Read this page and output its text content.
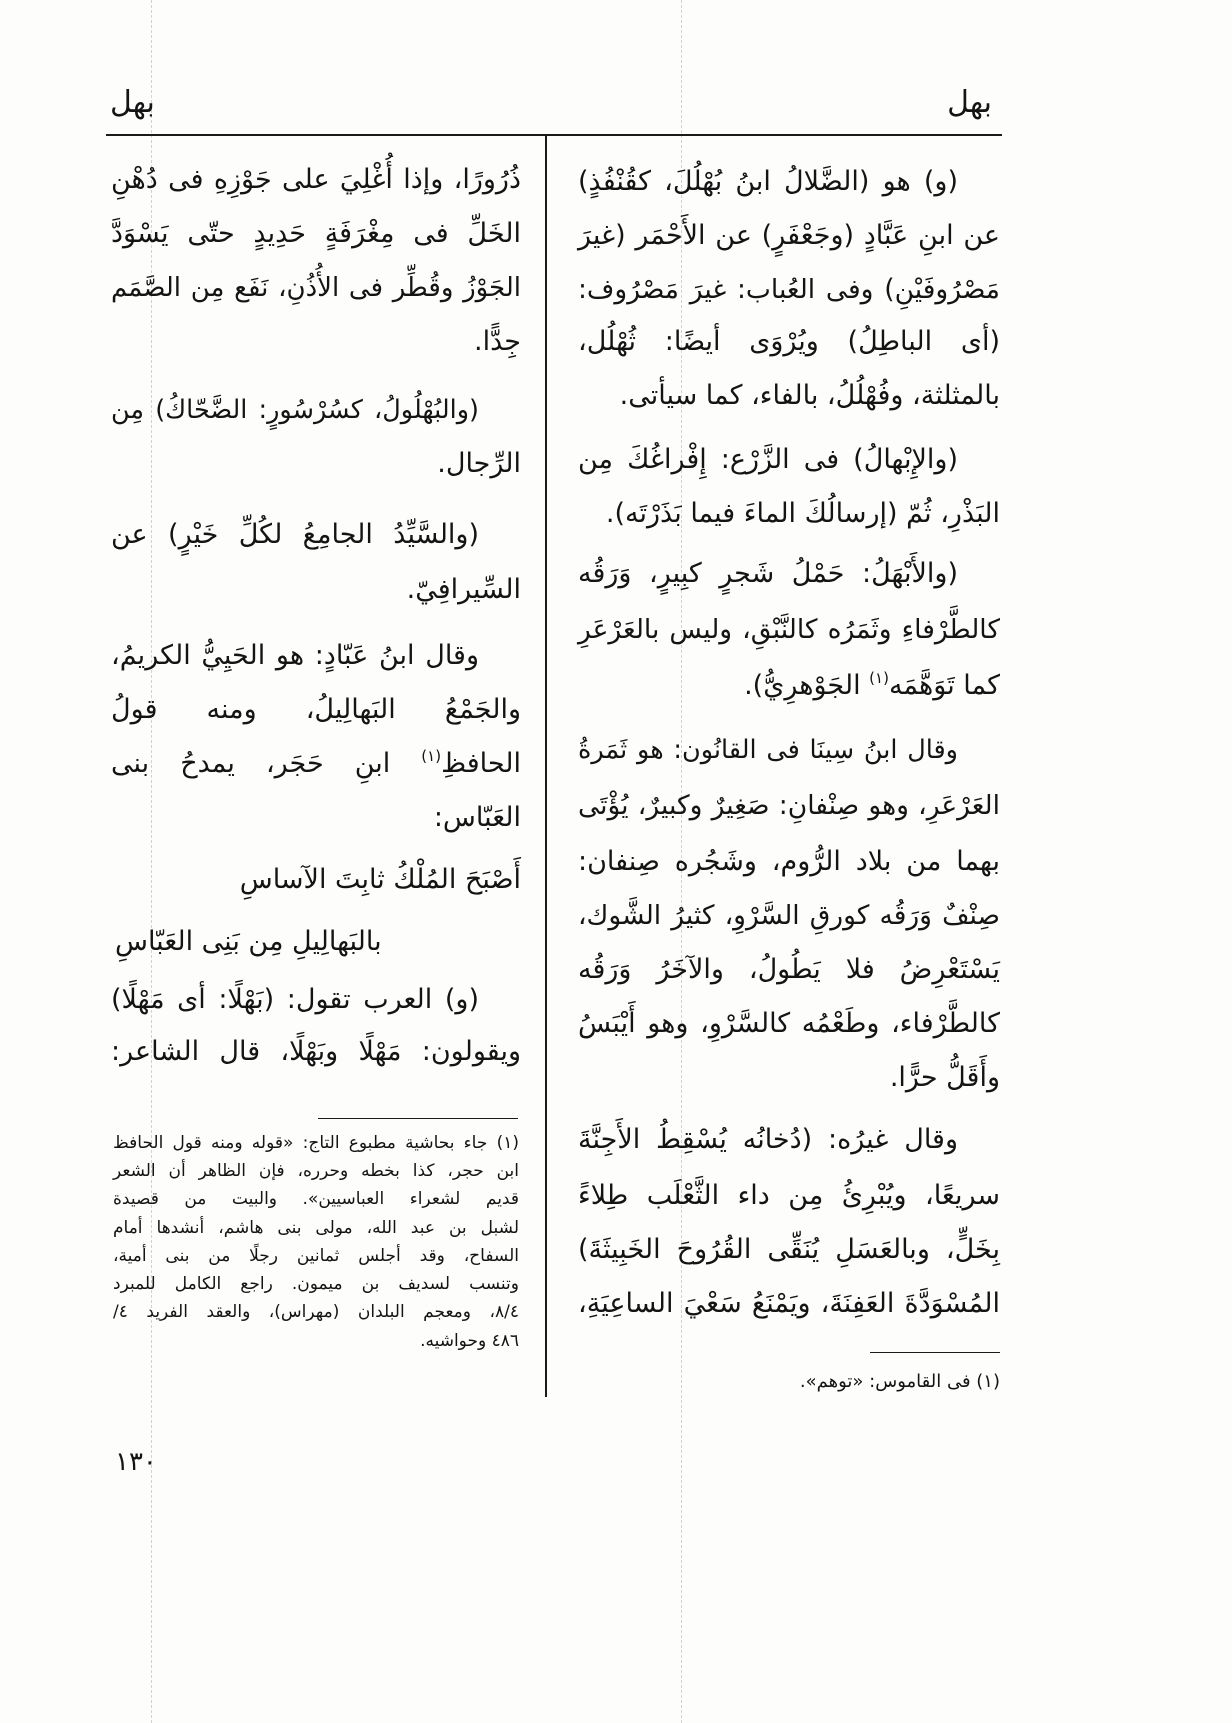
بهل
بهل
(و) هو (الضَّلالُ ابنُ بُهْلُلَ، كقُنْفُذٍ)
عن ابنِ عَبَّادٍ (وجَعْفَرٍ) عن الأَحْمَر (غيرَ
مَصْرُوفَيْنِ) وفى العُباب: غيرَ مَصْرُوف:
(أى الباطِلُ) ويُرْوَى أيضًا: ثُهْلُل،
بالمثلثة، وفُهْلُلُ، بالفاء، كما سيأتى.
(والإِبْهالُ) فى الزَّرْع: إِفْراغُكَ مِن
البَذْرِ، ثُمّ (إرسالُكَ الماءَ فيما بَذَرْتَه).
(والأَبْهَلُ: حَمْلُ شَجرٍ كبِيرٍ، وَرَقُه
كالطَّرْفاءِ وثَمَرُه كالنَّبْقِ، وليس بالعَرْعَرِ
كما تَوَهَّمَه$^{(١)}$ الجَوْهرِيُّ).
وقال ابنُ سِينَا فى القانُون: هو ثَمَرةُ
العَرْعَرِ، وهو صِنْفانِ: صَغِيرٌ وكبيرٌ، يُؤْتَى
بهما من بلاد الرُّوم، وشَجُره صِنفان:
صِنْفٌ وَرَقُه كورقِ السَّرْوِ، كثيرُ الشَّوك،
يَسْتَعْرِضُ فلا يَطُولُ، والآخَرُ وَرَقُه
كالطَّرْفاء، وطَعْمُه كالسَّرْوِ، وهو أَيْبَسُ
وأَقَلُّ حرًّا.
وقال غيرُه: (دُخانُه يُسْقِطُ الأَجِنَّةَ
سريعًا، ويُبْرِئُ مِن داء الثَّعْلَب طِلاءً
بِخَلٍّ، وبالعَسَلِ يُنَقِّى القُرُوحَ الخَبِيثَةَ)
المُسْوَدَّةَ العَفِنَةَ، ويَمْنَعُ سَعْيَ الساعِيَةِ،
(١) فى القاموس: «توهم».
ذُرُورًا، وإذا أُغْلِيَ على جَوْزِهِ فى دُهْنِ
الخَلِّ فى مِغْرَفَةٍ حَدِيدٍ حتّى يَسْوَدَّ
الجَوْزُ وقُطِّر فى الأُذُنِ، نَفَع مِن الصَّمَم
جِدًّا.
(والبُهْلُولُ، كسُرْسُورٍ: الضَّحّاكُ) مِن
الرِّجال.
(والسَّيِّدُ الجامِعُ لكُلِّ خَيْرٍ) عن
السِّيرافِيّ.
وقال ابنُ عَبّادٍ: هو الحَيِيُّ الكريمُ،
والجَمْعُ البَهالِيلُ، ومنه قولُ
الحافظِ$^{(١)}$ ابنِ حَجَر، يمدحُ بنى
العَبّاس:
أَصْبَحَ المُلْكُ ثابِتَ الآساسِ
بالبَهالِيلِ مِن بَنِى العَبّاسِ
(و) العرب تقول: (بَهْلًا: أى مَهْلًا)
ويقولون: مَهْلًا وبَهْلًا، قال الشاعر:
(١) جاء بحاشية مطبوع التاج: «قوله ومنه قول الحافظ
ابن حجر، كذا بخطه وحرره، فإن الظاهر أن الشعر
قديم لشعراء العباسيين». والبيت من قصيدة
لشبل بن عبد الله، مولى بنى هاشم، أنشدها أمام
السفاح، وقد أجلس ثمانين رجلًا من بنى أمية،
وتنسب لسديف بن ميمون. راجع الكامل للمبرد
٨/٤، ومعجم البلدان (مهراس)، والعقد الفريد ٤/
٤٨٦ وحواشيه.
١٣٠
